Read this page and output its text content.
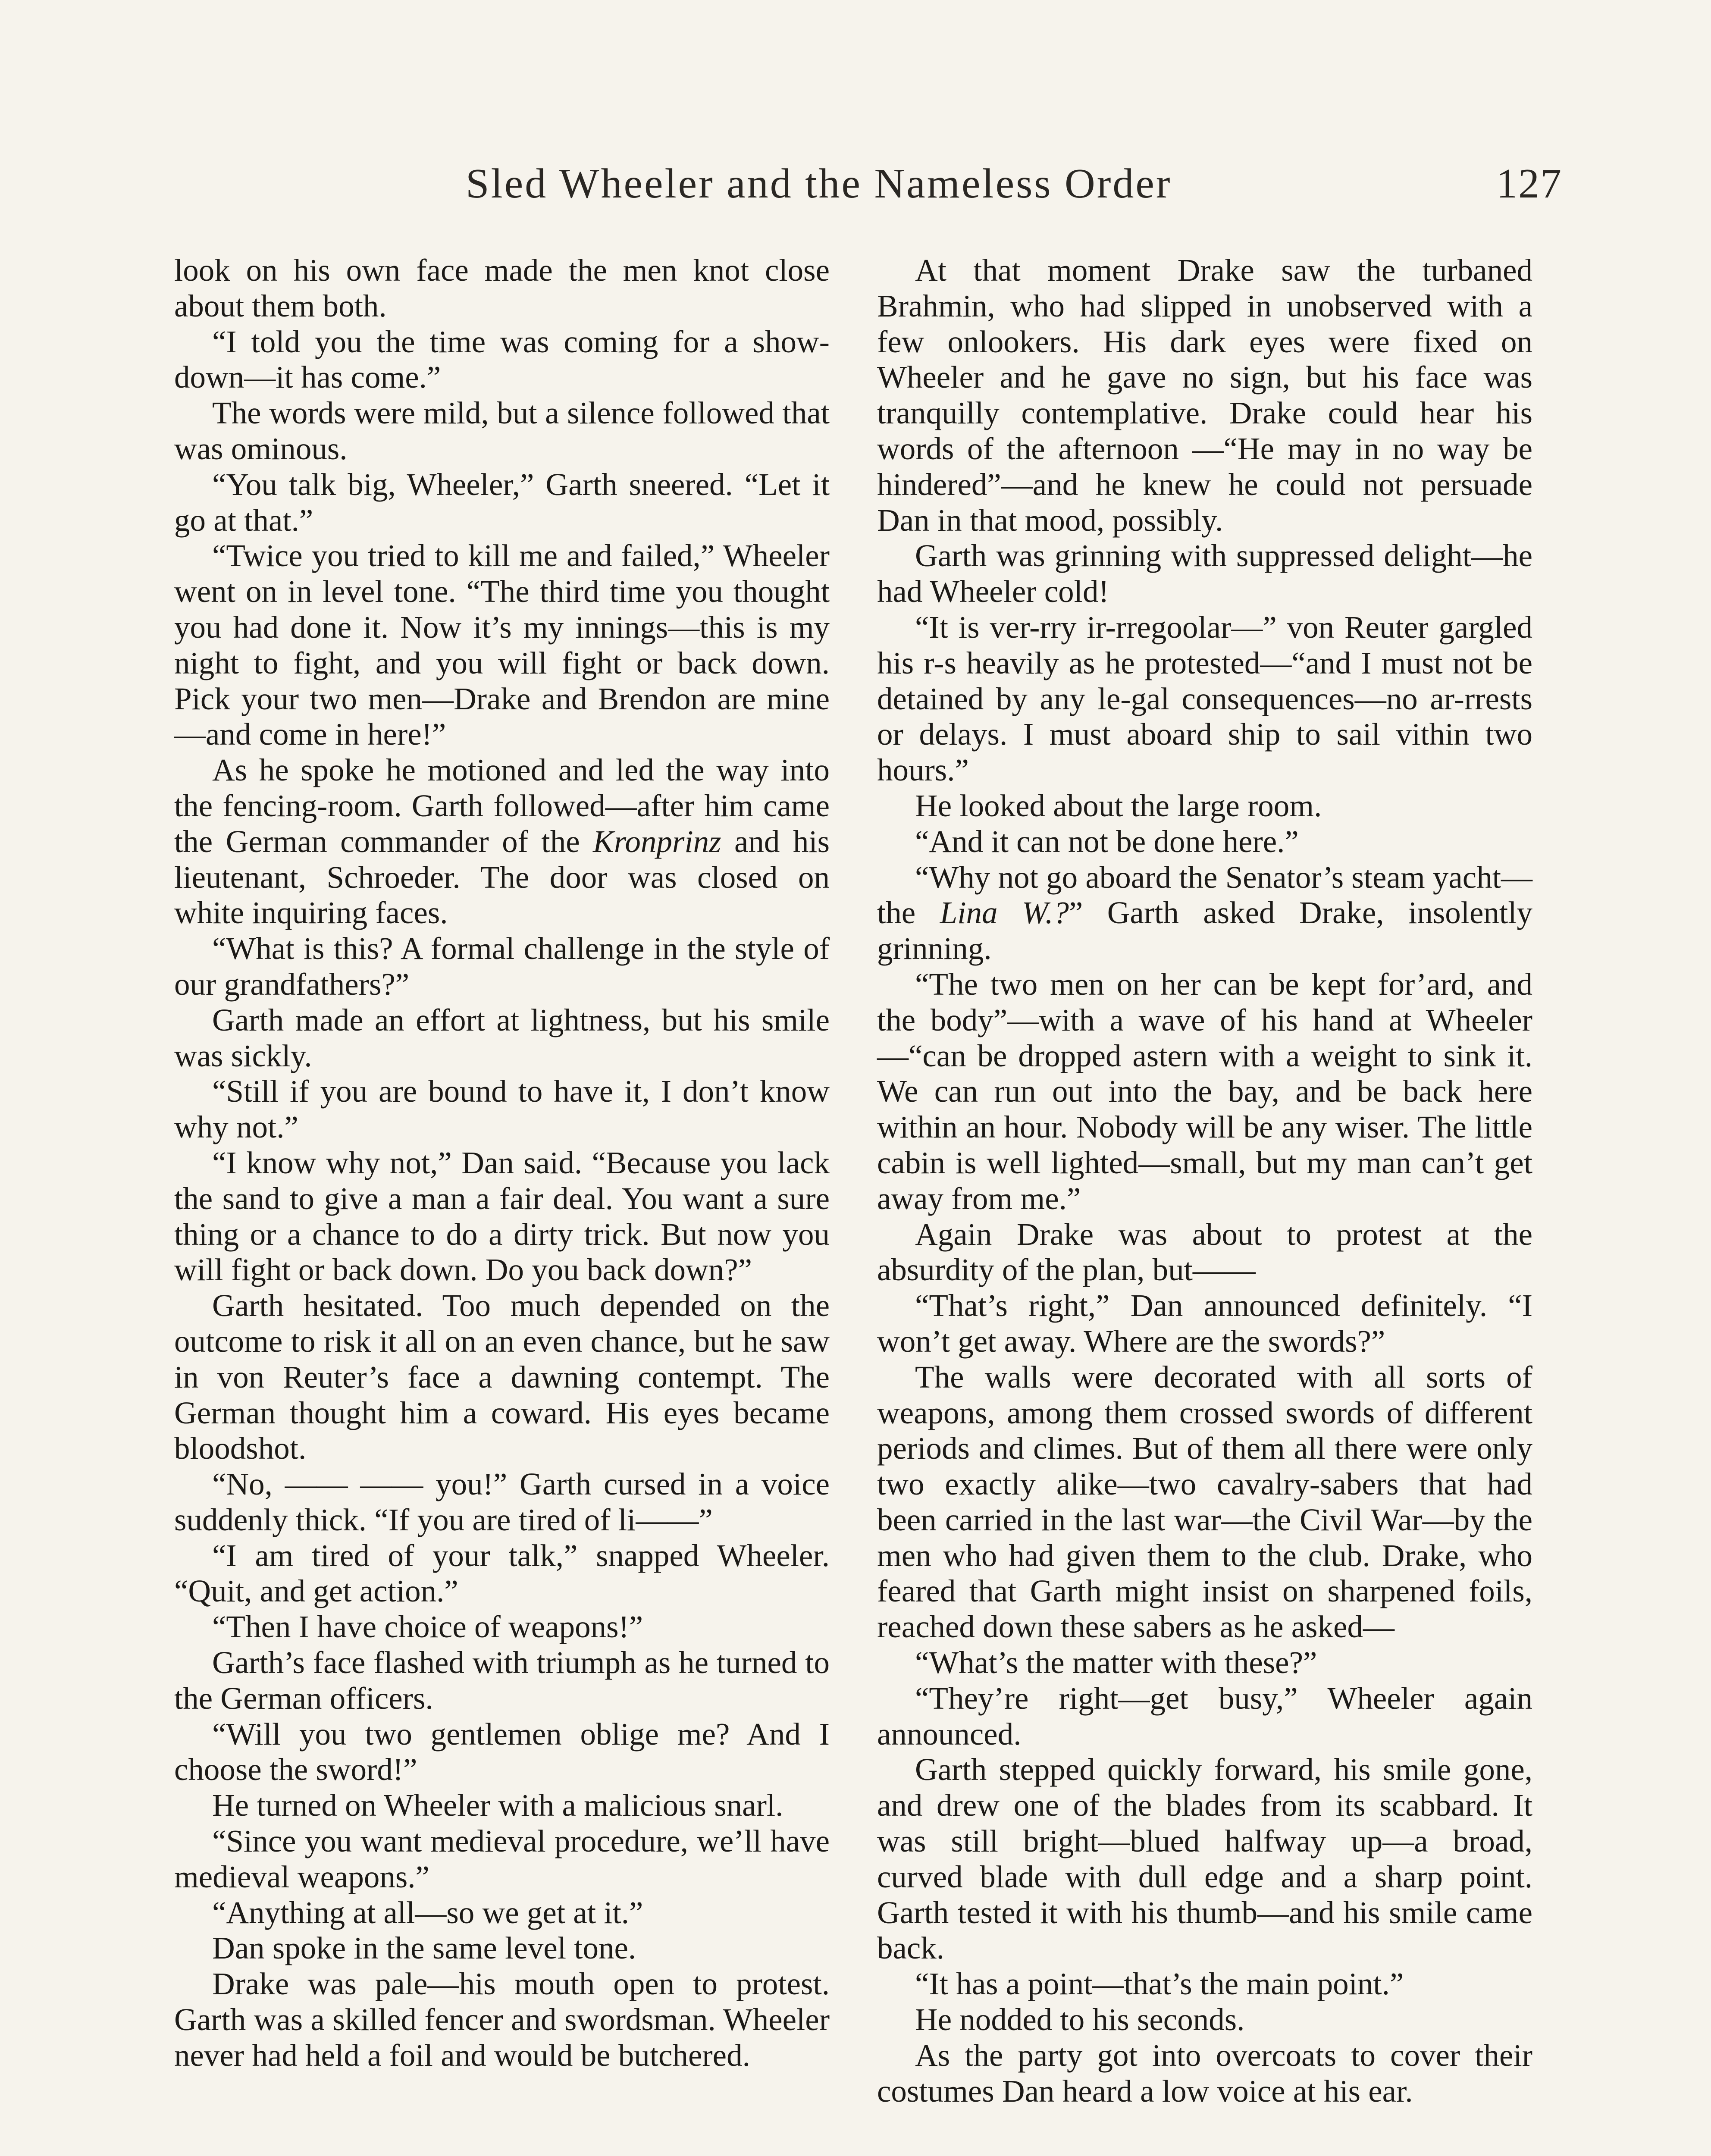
Sled Wheeler and the Nameless Order	127

look on his own face made the men knot close about them both.

“I told you the time was coming for a show-down—it has come.”

The words were mild, but a silence followed that was ominous.

“You talk big, Wheeler,” Garth sneered. “Let it go at that.”

“Twice you tried to kill me and failed,” Wheeler went on in level tone. “The third time you thought you had done it. Now it’s my innings—this is my night to fight, and you will fight or back down. Pick your two men—Drake and Brendon are mine—and come in here!”

As he spoke he motioned and led the way into the fencing-room. Garth followed—after him came the German commander of the Kronprinz and his lieutenant, Schroeder. The door was closed on white inquiring faces.

“What is this? A formal challenge in the style of our grandfathers?”

Garth made an effort at lightness, but his smile was sickly.

“Still if you are bound to have it, I don’t know why not.”

“I know why not,” Dan said. “Because you lack the sand to give a man a fair deal. You want a sure thing or a chance to do a dirty trick. But now you will fight or back down. Do you back down?”

Garth hesitated. Too much depended on the outcome to risk it all on an even chance, but he saw in von Reuter’s face a dawning contempt. The German thought him a coward. His eyes became bloodshot.

“No, —— —— you!” Garth cursed in a voice suddenly thick. “If you are tired of li——”

“I am tired of your talk,” snapped Wheeler. “Quit, and get action.”

“Then I have choice of weapons!”

Garth’s face flashed with triumph as he turned to the German officers.

“Will you two gentlemen oblige me? And I choose the sword!”

He turned on Wheeler with a malicious snarl.

“Since you want medieval procedure, we’ll have medieval weapons.”

“Anything at all—so we get at it.”

Dan spoke in the same level tone.

Drake was pale—his mouth open to protest. Garth was a skilled fencer and swordsman. Wheeler never had held a foil and would be butchered.

At that moment Drake saw the turbaned Brahmin, who had slipped in unobserved with a few onlookers. His dark eyes were fixed on Wheeler and he gave no sign, but his face was tranquilly contemplative. Drake could hear his words of the afternoon —“He may in no way be hindered”—and he knew he could not persuade Dan in that mood, possibly.

Garth was grinning with suppressed delight—he had Wheeler cold!

“It is ver-rry ir-rregoolar—” von Reuter gargled his r-s heavily as he protested—“and I must not be detained by any le-gal consequences—no ar-rrests or delays. I must aboard ship to sail vithin two hours.”

He looked about the large room.

“And it can not be done here.”

“Why not go aboard the Senator’s steam yacht—the Lina W.?” Garth asked Drake, insolently grinning.

“The two men on her can be kept for’ard, and the body”—with a wave of his hand at Wheeler—“can be dropped astern with a weight to sink it. We can run out into the bay, and be back here within an hour. Nobody will be any wiser. The little cabin is well lighted—small, but my man can’t get away from me.”

Again Drake was about to protest at the absurdity of the plan, but——

“That’s right,” Dan announced definitely. “I won’t get away. Where are the swords?”

The walls were decorated with all sorts of weapons, among them crossed swords of different periods and climes. But of them all there were only two exactly alike—two cavalry-sabers that had been carried in the last war—the Civil War—by the men who had given them to the club. Drake, who feared that Garth might insist on sharpened foils, reached down these sabers as he asked—

“What’s the matter with these?”

“They’re right—get busy,” Wheeler again announced.

Garth stepped quickly forward, his smile gone, and drew one of the blades from its scabbard. It was still bright—blued halfway up—a broad, curved blade with dull edge and a sharp point. Garth tested it with his thumb—and his smile came back.

“It has a point—that’s the main point.”

He nodded to his seconds.

As the party got into overcoats to cover their costumes Dan heard a low voice at his ear.
